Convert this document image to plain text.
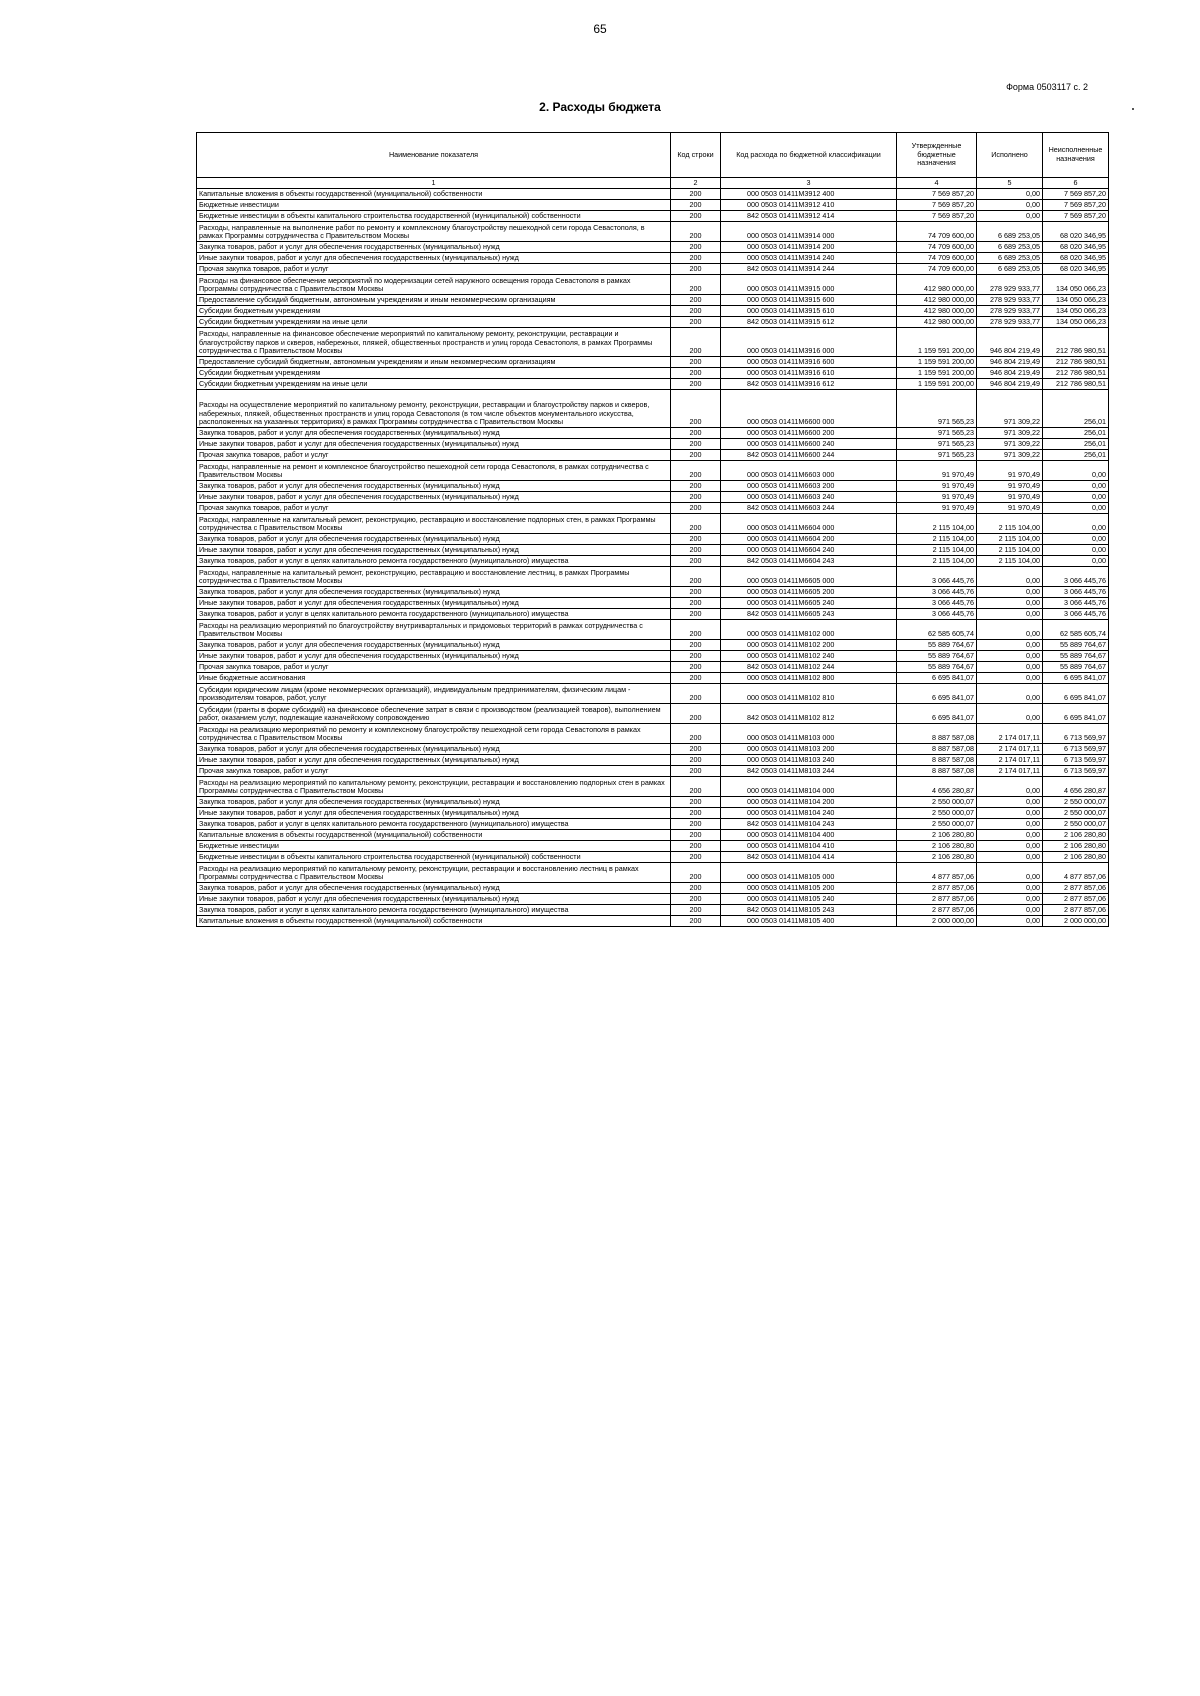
65
Форма 0503117 с. 2
2. Расходы бюджета
Наименование показателя	Код строки	Код расхода по бюджетной классификации	Утвержденные бюджетные назначения	Исполнено	Неисполненные назначения
1	2	3	4	5	6
Капитальные вложения в объекты государственной (муниципальной) собственности	200	000 0503 01411M3912 400	7 569 857,20	0,00	7 569 857,20
Бюджетные инвестиции	200	000 0503 01411M3912 410	7 569 857,20	0,00	7 569 857,20
Бюджетные инвестиции в объекты капитального строительства государственной (муниципальной) собственности	200	842 0503 01411M3912 414	7 569 857,20	0,00	7 569 857,20
Расходы, направленные на выполнение работ по ремонту и комплексному благоустройству пешеходной сети города Севастополя, в рамках Программы сотрудничества с Правительством Москвы	200	000 0503 01411M3914 000	74 709 600,00	6 689 253,05	68 020 346,95
Закупка товаров, работ и услуг для обеспечения государственных (муниципальных) нужд	200	000 0503 01411M3914 200	74 709 600,00	6 689 253,05	68 020 346,95
Иные закупки товаров, работ и услуг для обеспечения государственных (муниципальных) нужд	200	000 0503 01411M3914 240	74 709 600,00	6 689 253,05	68 020 346,95
Прочая закупка товаров, работ и услуг	200	842 0503 01411M3914 244	74 709 600,00	6 689 253,05	68 020 346,95
Расходы на финансовое обеспечение мероприятий по модернизации сетей наружного освещения города Севастополя в рамках Программы сотрудничества с Правительством Москвы	200	000 0503 01411M3915 000	412 980 000,00	278 929 933,77	134 050 066,23
Предоставление субсидий бюджетным, автономным учреждениям и иным некоммерческим организациям	200	000 0503 01411M3915 600	412 980 000,00	278 929 933,77	134 050 066,23
Субсидии бюджетным учреждениям	200	000 0503 01411M3915 610	412 980 000,00	278 929 933,77	134 050 066,23
Субсидии бюджетным учреждениям на иные цели	200	842 0503 01411M3915 612	412 980 000,00	278 929 933,77	134 050 066,23
Расходы, направленные на финансовое обеспечение мероприятий по капитальному ремонту, реконструкции, реставрации и благоустройству парков и скверов, набережных, пляжей, общественных пространств и улиц города Севастополя, в рамках Программы сотрудничества с Правительством Москвы	200	000 0503 01411M3916 000	1 159 591 200,00	946 804 219,49	212 786 980,51
Предоставление субсидий бюджетным, автономным учреждениям и иным некоммерческим организациям	200	000 0503 01411M3916 600	1 159 591 200,00	946 804 219,49	212 786 980,51
Субсидии бюджетным учреждениям	200	000 0503 01411M3916 610	1 159 591 200,00	946 804 219,49	212 786 980,51
Субсидии бюджетным учреждениям на иные цели	200	842 0503 01411M3916 612	1 159 591 200,00	946 804 219,49	212 786 980,51
Расходы на осуществление мероприятий по капитальному ремонту, реконструкции, реставрации и благоустройству парков и скверов, набережных, пляжей, общественных пространств и улиц города Севастополя (в том числе объектов монументального искусства, расположенных на указанных территориях) в рамках Программы сотрудничества с Правительством Москвы	200	000 0503 01411M6600 000	971 565,23	971 309,22	256,01
Закупка товаров, работ и услуг для обеспечения государственных (муниципальных) нужд	200	000 0503 01411M6600 200	971 565,23	971 309,22	256,01
Иные закупки товаров, работ и услуг для обеспечения государственных (муниципальных) нужд	200	000 0503 01411M6600 240	971 565,23	971 309,22	256,01
Прочая закупка товаров, работ и услуг	200	842 0503 01411M6600 244	971 565,23	971 309,22	256,01
Расходы, направленные на ремонт и комплексное благоустройство пешеходной сети города Севастополя, в рамках сотрудничества с Правительством Москвы	200	000 0503 01411M6603 000	91 970,49	91 970,49	0,00
Закупка товаров, работ и услуг для обеспечения государственных (муниципальных) нужд	200	000 0503 01411M6603 200	91 970,49	91 970,49	0,00
Иные закупки товаров, работ и услуг для обеспечения государственных (муниципальных) нужд	200	000 0503 01411M6603 240	91 970,49	91 970,49	0,00
Прочая закупка товаров, работ и услуг	200	842 0503 01411M6603 244	91 970,49	91 970,49	0,00
Расходы, направленные на капитальный ремонт, реконструкцию, реставрацию и восстановление подпорных стен, в рамках Программы сотрудничества с Правительством Москвы	200	000 0503 01411M6604 000	2 115 104,00	2 115 104,00	0,00
Закупка товаров, работ и услуг для обеспечения государственных (муниципальных) нужд	200	000 0503 01411M6604 200	2 115 104,00	2 115 104,00	0,00
Иные закупки товаров, работ и услуг для обеспечения государственных (муниципальных) нужд	200	000 0503 01411M6604 240	2 115 104,00	2 115 104,00	0,00
Закупка товаров, работ и услуг в целях капитального ремонта государственного (муниципального) имущества	200	842 0503 01411M6604 243	2 115 104,00	2 115 104,00	0,00
Расходы, направленные на капитальный ремонт, реконструкцию, реставрацию и восстановление лестниц, в рамках Программы сотрудничества с Правительством Москвы	200	000 0503 01411M6605 000	3 066 445,76	0,00	3 066 445,76
Закупка товаров, работ и услуг для обеспечения государственных (муниципальных) нужд	200	000 0503 01411M6605 200	3 066 445,76	0,00	3 066 445,76
Иные закупки товаров, работ и услуг для обеспечения государственных (муниципальных) нужд	200	000 0503 01411M6605 240	3 066 445,76	0,00	3 066 445,76
Закупка товаров, работ и услуг в целях капитального ремонта государственного (муниципального) имущества	200	842 0503 01411M6605 243	3 066 445,76	0,00	3 066 445,76
Расходы на реализацию мероприятий по благоустройству внутриквартальных и придомовых территорий в рамках сотрудничества с Правительством Москвы	200	000 0503 01411M8102 000	62 585 605,74	0,00	62 585 605,74
Закупка товаров, работ и услуг для обеспечения государственных (муниципальных) нужд	200	000 0503 01411M8102 200	55 889 764,67	0,00	55 889 764,67
Иные закупки товаров, работ и услуг для обеспечения государственных (муниципальных) нужд	200	000 0503 01411M8102 240	55 889 764,67	0,00	55 889 764,67
Прочая закупка товаров, работ и услуг	200	842 0503 01411M8102 244	55 889 764,67	0,00	55 889 764,67
Иные бюджетные ассигнования	200	000 0503 01411M8102 800	6 695 841,07	0,00	6 695 841,07
Субсидии юридическим лицам (кроме некоммерческих организаций), индивидуальным предпринимателям, физическим лицам - производителям товаров, работ, услуг	200	000 0503 01411M8102 810	6 695 841,07	0,00	6 695 841,07
Субсидии (гранты в форме субсидий) на финансовое обеспечение затрат в связи с производством (реализацией товаров), выполнением работ, оказанием услуг, подлежащие казначейскому сопровождению	200	842 0503 01411M8102 812	6 695 841,07	0,00	6 695 841,07
Расходы на реализацию мероприятий по ремонту и комплексному благоустройству пешеходной сети города Севастополя в рамках сотрудничества с Правительством Москвы	200	000 0503 01411M8103 000	8 887 587,08	2 174 017,11	6 713 569,97
Закупка товаров, работ и услуг для обеспечения государственных (муниципальных) нужд	200	000 0503 01411M8103 200	8 887 587,08	2 174 017,11	6 713 569,97
Иные закупки товаров, работ и услуг для обеспечения государственных (муниципальных) нужд	200	000 0503 01411M8103 240	8 887 587,08	2 174 017,11	6 713 569,97
Прочая закупка товаров, работ и услуг	200	842 0503 01411M8103 244	8 887 587,08	2 174 017,11	6 713 569,97
Расходы на реализацию мероприятий по капитальному ремонту, реконструкции, реставрации и восстановлению подпорных стен в рамках Программы сотрудничества с Правительством Москвы	200	000 0503 01411M8104 000	4 656 280,87	0,00	4 656 280,87
Закупка товаров, работ и услуг для обеспечения государственных (муниципальных) нужд	200	000 0503 01411M8104 200	2 550 000,07	0,00	2 550 000,07
Иные закупки товаров, работ и услуг для обеспечения государственных (муниципальных) нужд	200	000 0503 01411M8104 240	2 550 000,07	0,00	2 550 000,07
Закупка товаров, работ и услуг в целях капитального ремонта государственного (муниципального) имущества	200	842 0503 01411M8104 243	2 550 000,07	0,00	2 550 000,07
Капитальные вложения в объекты государственной (муниципальной) собственности	200	000 0503 01411M8104 400	2 106 280,80	0,00	2 106 280,80
Бюджетные инвестиции	200	000 0503 01411M8104 410	2 106 280,80	0,00	2 106 280,80
Бюджетные инвестиции в объекты капитального строительства государственной (муниципальной) собственности	200	842 0503 01411M8104 414	2 106 280,80	0,00	2 106 280,80
Расходы на реализацию мероприятий по капитальному ремонту, реконструкции, реставрации и восстановлению лестниц в рамках Программы сотрудничества с Правительством Москвы	200	000 0503 01411M8105 000	4 877 857,06	0,00	4 877 857,06
Закупка товаров, работ и услуг для обеспечения государственных (муниципальных) нужд	200	000 0503 01411M8105 200	2 877 857,06	0,00	2 877 857,06
Иные закупки товаров, работ и услуг для обеспечения государственных (муниципальных) нужд	200	000 0503 01411M8105 240	2 877 857,06	0,00	2 877 857,06
Закупка товаров, работ и услуг в целях капитального ремонта государственного (муниципального) имущества	200	842 0503 01411M8105 243	2 877 857,06	0,00	2 877 857,06
Капитальные вложения в объекты государственной (муниципальной) собственности	200	000 0503 01411M8105 400	2 000 000,00	0,00	2 000 000,00
